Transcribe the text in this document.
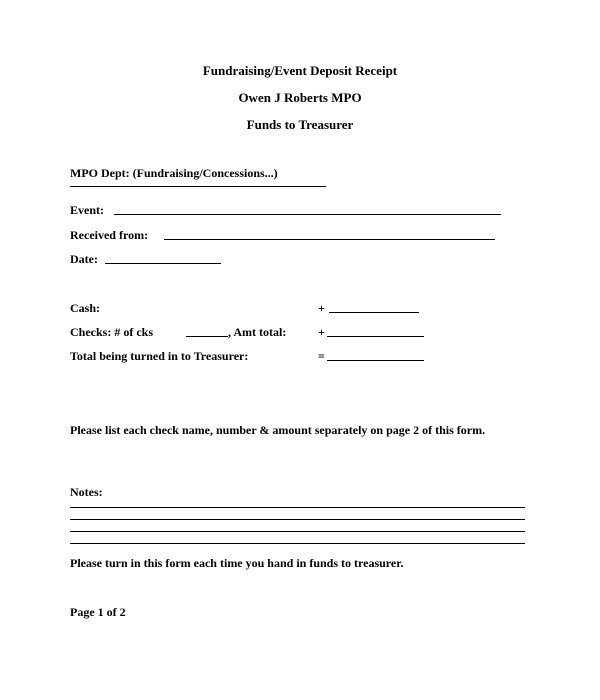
Fundraising/Event Deposit Receipt
Owen J Roberts MPO
Funds to Treasurer
MPO Dept: (Fundraising/Concessions...)
Event:
Received from:
Date:
Cash:	+
Checks: # of cks	, Amt total:	+
Total being turned in to Treasurer:	=
Please list each check name, number & amount separately on page 2 of this form.
Notes:
Please turn in this form each time you hand in funds to treasurer.
Page 1 of 2
